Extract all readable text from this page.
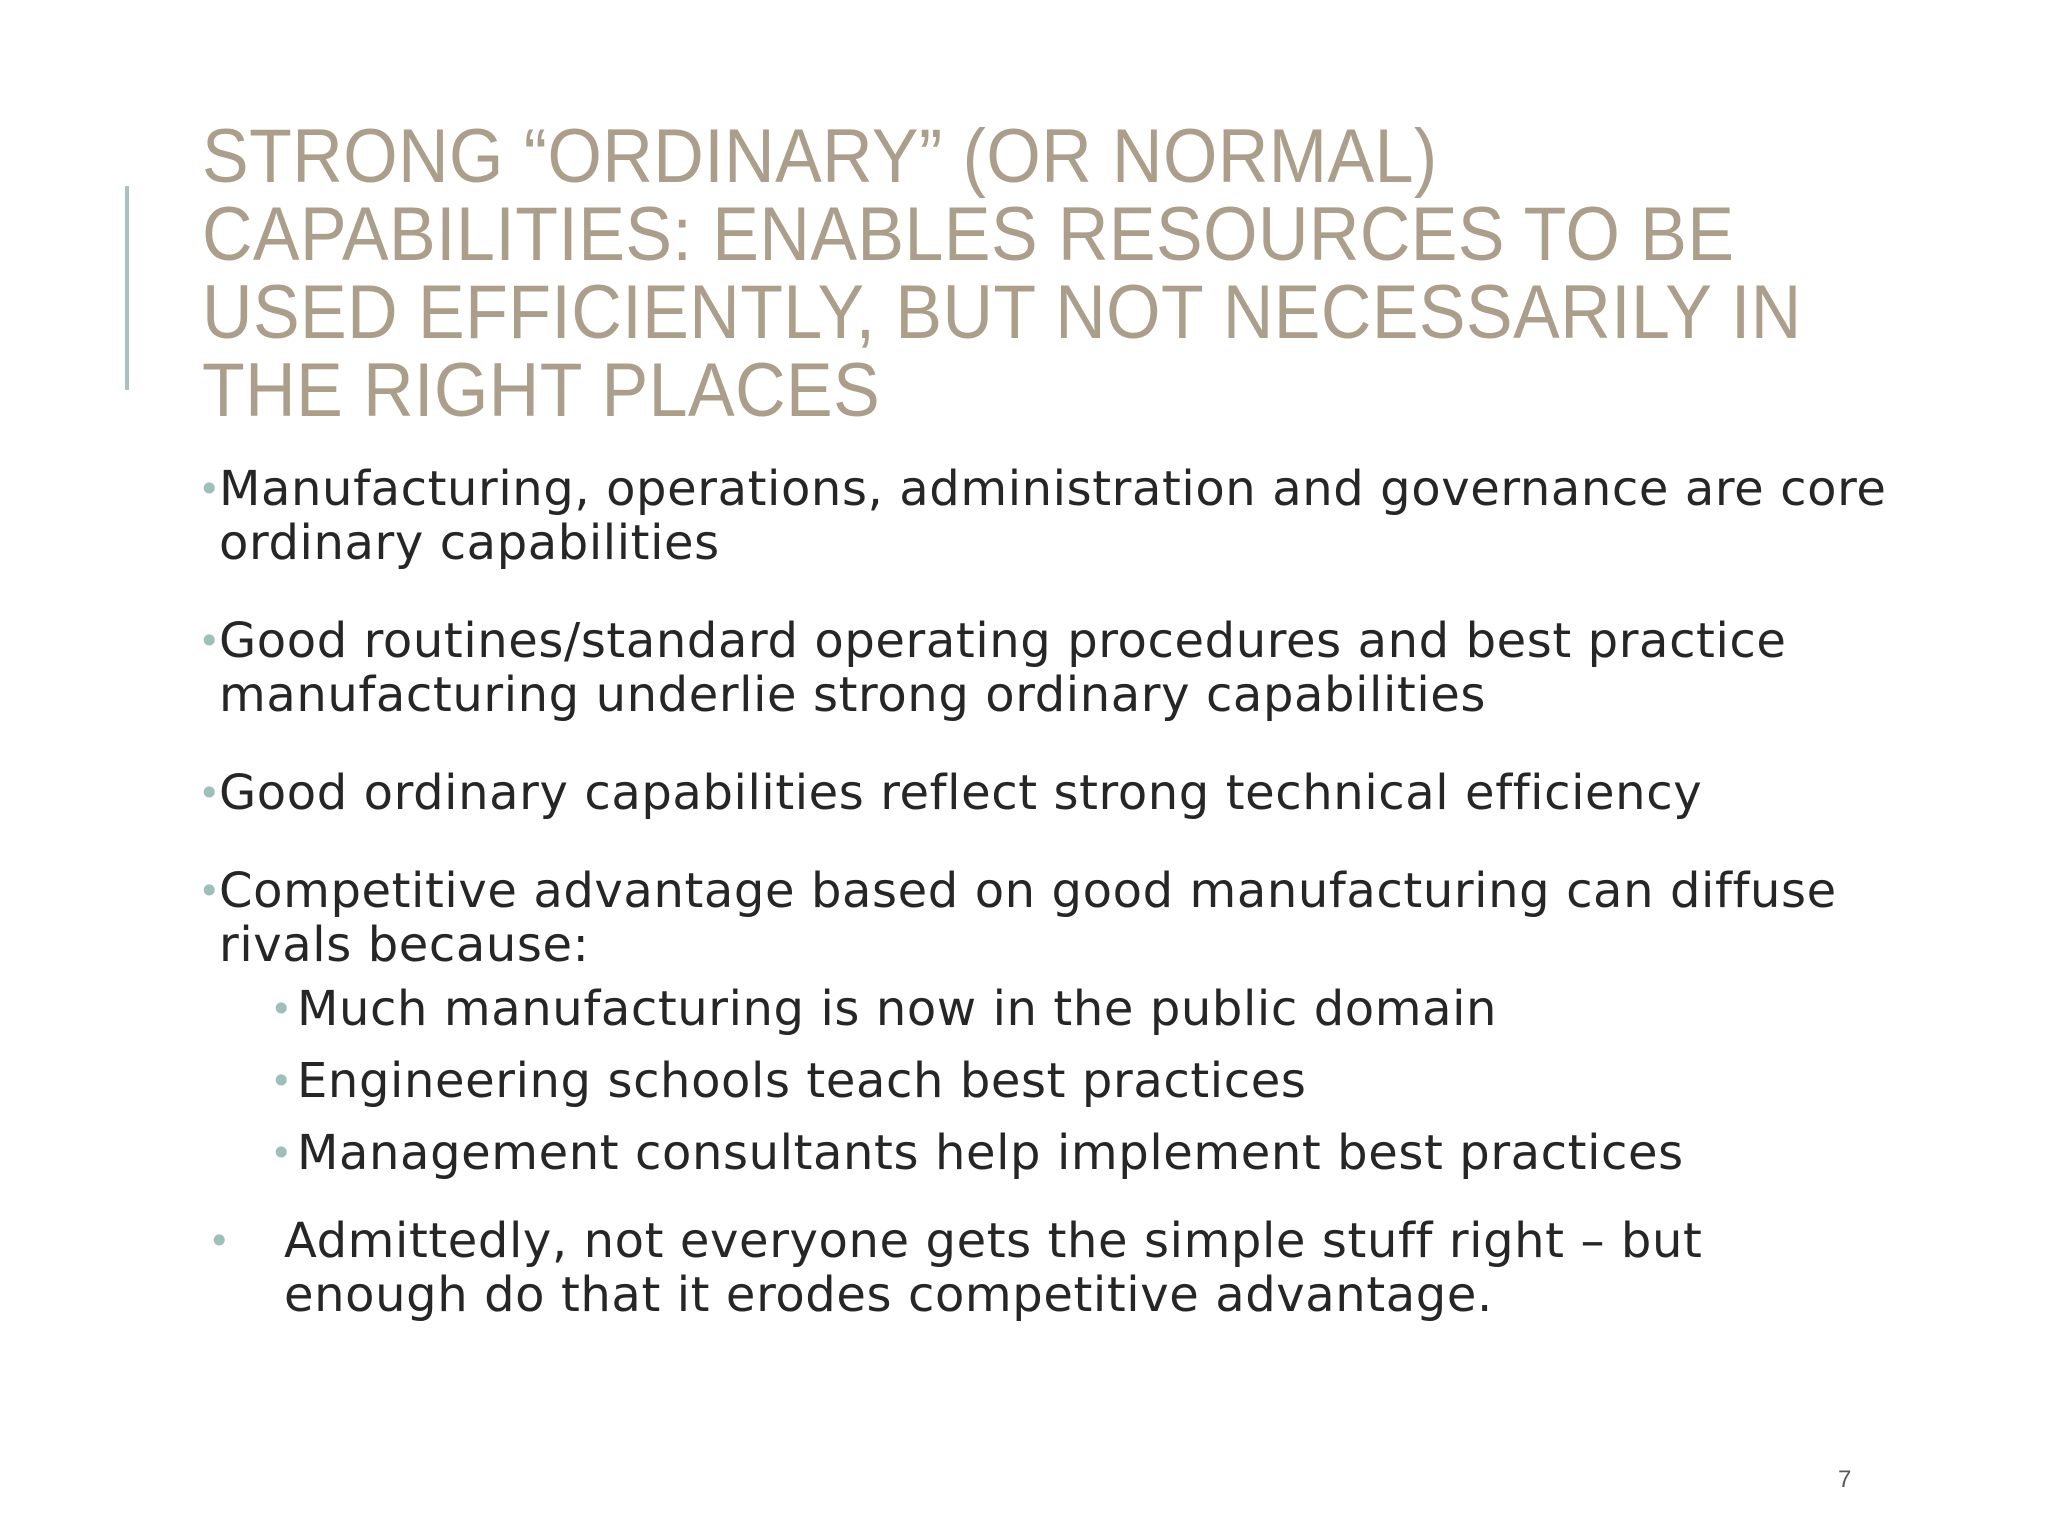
STRONG “ORDINARY” (OR NORMAL)
CAPABILITIES: ENABLES RESOURCES TO BE
USED EFFICIENTLY, BUT NOT NECESSARILY IN
THE RIGHT PLACES
•
Manufacturing, operations, administration and governance are core
ordinary capabilities
•
Good routines/standard operating procedures and best practice
manufacturing underlie strong ordinary capabilities
•
Good ordinary capabilities reflect strong technical efficiency
•
Competitive advantage based on good manufacturing can diffuse
rivals because:
• Much manufacturing is now in the public domain
• Engineering schools teach best practices
• Management consultants help implement best practices
•	Admittedly, not everyone gets the simple stuff right – but
enough do that it erodes competitive advantage.
7
